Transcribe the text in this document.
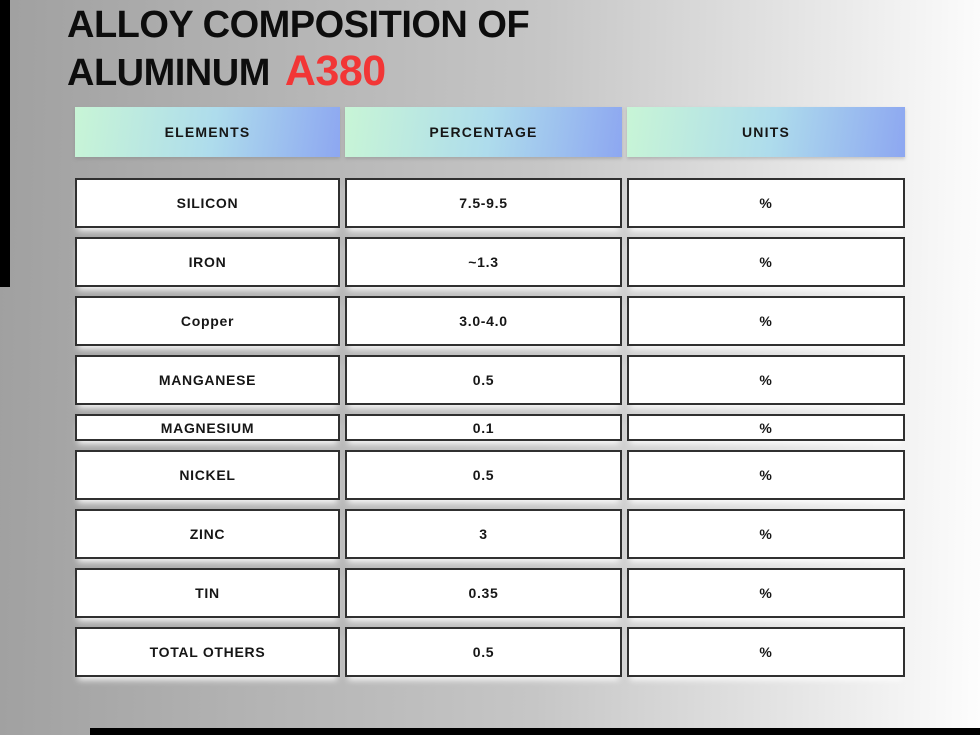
ALLOY COMPOSITION OF
ALUMINUM A380
ELEMENTS	PERCENTAGE	UNITS
SILICON	7.5-9.5	%
IRON	~1.3	%
Copper	3.0-4.0	%
MANGANESE	0.5	%
MAGNESIUM	0.1	%
NICKEL	0.5	%
ZINC	3	%
TIN	0.35	%
TOTAL OTHERS	0.5	%
